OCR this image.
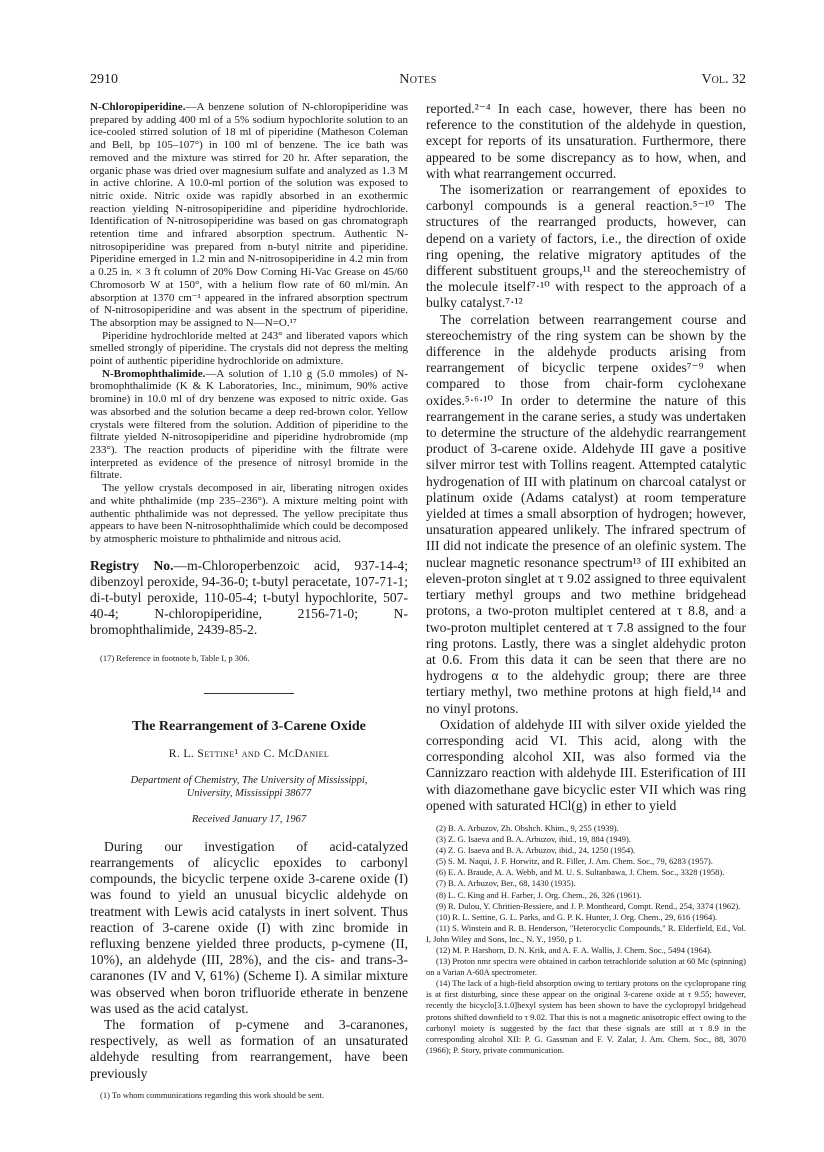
2910	Notes	Vol. 32

N-Chloropiperidine.—A benzene solution of N-chloropiperidine was prepared by adding 400 ml of a 5% sodium hypochlorite solution to an ice-cooled stirred solution of 18 ml of piperidine (Matheson Coleman and Bell, bp 105–107°) in 100 ml of benzene. The ice bath was removed and the mixture was stirred for 20 hr. After separation, the organic phase was dried over magnesium sulfate and analyzed as 1.3 M in active chlorine. A 10.0-ml portion of the solution was exposed to nitric oxide. Nitric oxide was rapidly absorbed in an exothermic reaction yielding N-nitrosopiperidine and piperidine hydrochloride. Identification of N-nitrosopiperidine was based on gas chromatograph retention time and infrared absorption spectrum. Authentic N-nitrosopiperidine was prepared from n-butyl nitrite and piperidine. Piperidine emerged in 1.2 min and N-nitrosopiperidine in 4.2 min from a 0.25 in. × 3 ft column of 20% Dow Corning Hi-Vac Grease on 45/60 Chromosorb W at 150°, with a helium flow rate of 60 ml/min. An absorption at 1370 cm⁻¹ appeared in the infrared absorption spectrum of N-nitrosopiperidine and was absent in the spectrum of piperidine. The absorption may be assigned to N—N=O.¹⁷

Piperidine hydrochloride melted at 243° and liberated vapors which smelled strongly of piperidine. The crystals did not depress the melting point of authentic piperidine hydrochloride on admixture.

N-Bromophthalimide.—A solution of 1.10 g (5.0 mmoles) of N-bromophthalimide (K & K Laboratories, Inc., minimum, 90% active bromine) in 10.0 ml of dry benzene was exposed to nitric oxide. Gas was absorbed and the solution became a deep red-brown color. Yellow crystals were filtered from the solution. Addition of piperidine to the filtrate yielded N-nitrosopiperidine and piperidine hydrobromide (mp 233°). The reaction products of piperidine with the filtrate were interpreted as evidence of the presence of nitrosyl bromide in the filtrate.

The yellow crystals decomposed in air, liberating nitrogen oxides and white phthalimide (mp 235–236°). A mixture melting point with authentic phthalimide was not depressed. The yellow precipitate thus appears to have been N-nitrosophthalimide which could be decomposed by atmospheric moisture to phthalimide and nitrous acid.

Registry No.—m-Chloroperbenzoic acid, 937-14-4; dibenzoyl peroxide, 94-36-0; t-butyl peracetate, 107-71-1; di-t-butyl peroxide, 110-05-4; t-butyl hypochlorite, 507-40-4; N-chloropiperidine, 2156-71-0; N-bromophthalimide, 2439-85-2.

(17) Reference in footnote b, Table I, p 306.

The Rearrangement of 3-Carene Oxide
R. L. Settine¹ and C. McDaniel
Department of Chemistry, The University of Mississippi,
University, Mississippi 38677
Received January 17, 1967

During our investigation of acid-catalyzed rearrangements of alicyclic epoxides to carbonyl compounds, the bicyclic terpene oxide 3-carene oxide (I) was found to yield an unusual bicyclic aldehyde on treatment with Lewis acid catalysts in inert solvent. Thus reaction of 3-carene oxide (I) with zinc bromide in refluxing benzene yielded three products, p-cymene (II, 10%), an aldehyde (III, 28%), and the cis- and trans-3-caranones (IV and V, 61%) (Scheme I). A similar mixture was observed when boron trifluoride etherate in benzene was used as the acid catalyst.

The formation of p-cymene and 3-caranones, respectively, as well as formation of an unsaturated aldehyde resulting from rearrangement, have been previously

(1) To whom communications regarding this work should be sent.

reported.²⁻⁴ In each case, however, there has been no reference to the constitution of the aldehyde in question, except for reports of its unsaturation. Furthermore, there appeared to be some discrepancy as to how, when, and with what rearrangement occurred.

The isomerization or rearrangement of epoxides to carbonyl compounds is a general reaction.⁵⁻¹⁰ The structures of the rearranged products, however, can depend on a variety of factors, i.e., the direction of oxide ring opening, the relative migratory aptitudes of the different substituent groups,¹¹ and the stereochemistry of the molecule itself⁷·¹⁰ with respect to the approach of a bulky catalyst.⁷·¹²

The correlation between rearrangement course and stereochemistry of the ring system can be shown by the difference in the aldehyde products arising from rearrangement of bicyclic terpene oxides⁷⁻⁹ when compared to those from chair-form cyclohexane oxides.⁵·⁶·¹⁰ In order to determine the nature of this rearrangement in the carane series, a study was undertaken to determine the structure of the aldehydic rearrangement product of 3-carene oxide. Aldehyde III gave a positive silver mirror test with Tollins reagent. Attempted catalytic hydrogenation of III with platinum on charcoal catalyst or platinum oxide (Adams catalyst) at room temperature yielded at times a small absorption of hydrogen; however, unsaturation appeared unlikely. The infrared spectrum of III did not indicate the presence of an olefinic system. The nuclear magnetic resonance spectrum¹³ of III exhibited an eleven-proton singlet at τ 9.02 assigned to three equivalent tertiary methyl groups and two methine bridgehead protons, a two-proton multiplet centered at τ 8.8, and a two-proton multiplet centered at τ 7.8 assigned to the four ring protons. Lastly, there was a singlet aldehydic proton at 0.6. From this data it can be seen that there are no hydrogens α to the aldehydic group; there are three tertiary methyl, two methine protons at high field,¹⁴ and no vinyl protons.

Oxidation of aldehyde III with silver oxide yielded the corresponding acid VI. This acid, along with the corresponding alcohol XII, was also formed via the Cannizzaro reaction with aldehyde III. Esterification of III with diazomethane gave bicyclic ester VII which was ring opened with saturated HCl(g) in ether to yield

(2) B. A. Arbuzov, Zh. Obshch. Khim., 9, 255 (1939).

(3) Z. G. Isaeva and B. A. Arbuzov, ibid., 19, 884 (1949).

(4) Z. G. Isaeva and B. A. Arbuzov, ibid., 24, 1250 (1954).

(5) S. M. Naqui, J. F. Horwitz, and R. Filler, J. Am. Chem. Soc., 79, 6283 (1957).

(6) E. A. Braude, A. A. Webb, and M. U. S. Sultanbawa, J. Chem. Soc., 3328 (1958).

(7) B. A. Arbuzov, Ber., 68, 1430 (1935).

(8) L. C. King and H. Farber, J. Org. Chem., 26, 326 (1961).

(9) R. Dulou, Y. Chritien-Bessiere, and J. P. Montheard, Compt. Rend., 254, 3374 (1962).

(10) R. L. Settine, G. L. Parks, and G. P. K. Hunter, J. Org. Chem., 29, 616 (1964).

(11) S. Winstein and R. B. Henderson, "Heterocyclic Compounds," R. Elderfield, Ed., Vol. I, John Wiley and Sons, Inc., N. Y., 1950, p 1.

(12) M. P. Harshorn, D. N. Krik, and A. F. A. Wallis, J. Chem. Soc., 5494 (1964).

(13) Proton nmr spectra were obtained in carbon tetrachloride solution at 60 Mc (spinning) on a Varian A-60A spectrometer.

(14) The lack of a high-field absorption owing to tertiary protons on the cyclopropane ring is at first disturbing, since these appear on the original 3-carene oxide at τ 9.55; however, recently the bicyclo[3.1.0]hexyl system has been shown to have the cyclopropyl bridgehead protons shifted downfield to τ 9.02. That this is not a magnetic anisotropic effect owing to the carbonyl moiety is suggested by the fact that these signals are still at τ 8.9 in the corresponding alcohol XII: P. G. Gassman and F. V. Zalar, J. Am. Chem. Soc., 88, 3070 (1966); P. Story, private communication.
